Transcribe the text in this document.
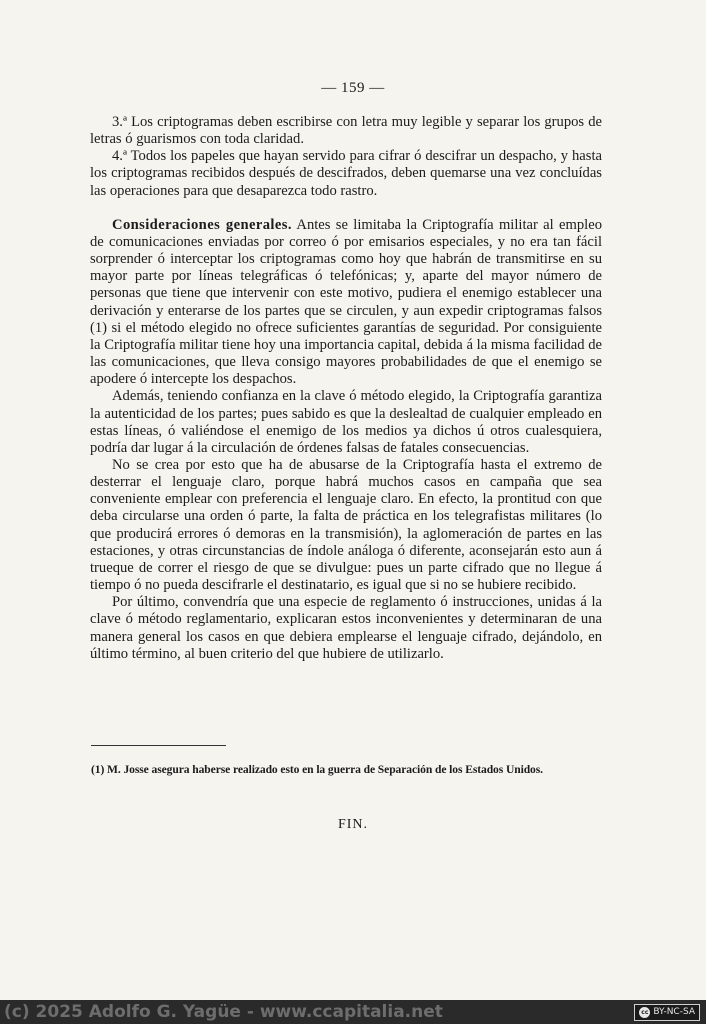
— 159 —

3.ª Los criptogramas deben escribirse con letra muy legible y separar los grupos de letras ó guarismos con toda claridad.

4.ª Todos los papeles que hayan servido para cifrar ó descifrar un despacho, y hasta los criptogramas recibidos después de descifrados, deben quemarse una vez concluídas las operaciones para que desaparezca todo rastro.

Consideraciones generales. Antes se limitaba la Criptografía militar al empleo de comunicaciones enviadas por correo ó por emisarios especiales, y no era tan fácil sorprender ó interceptar los criptogramas como hoy que habrán de transmitirse en su mayor parte por líneas telegráficas ó telefónicas; y, aparte del mayor número de personas que tiene que intervenir con este motivo, pudiera el enemigo establecer una derivación y enterarse de los partes que se circulen, y aun expedir criptogramas falsos (1) si el método elegido no ofrece suficientes garantías de seguridad. Por consiguiente la Criptografía militar tiene hoy una importancia capital, debida á la misma facilidad de las comunicaciones, que lleva consigo mayores probabilidades de que el enemigo se apodere ó intercepte los despachos.

Además, teniendo confianza en la clave ó método elegido, la Criptografía garantiza la autenticidad de los partes; pues sabido es que la deslealtad de cualquier empleado en estas líneas, ó valiéndose el enemigo de los medios ya dichos ú otros cualesquiera, podría dar lugar á la circulación de órdenes falsas de fatales consecuencias.

No se crea por esto que ha de abusarse de la Criptografía hasta el extremo de desterrar el lenguaje claro, porque habrá muchos casos en campaña que sea conveniente emplear con preferencia el lenguaje claro. En efecto, la prontitud con que deba circularse una orden ó parte, la falta de práctica en los telegrafistas militares (lo que producirá errores ó demoras en la transmisión), la aglomeración de partes en las estaciones, y otras circunstancias de índole análoga ó diferente, aconsejarán esto aun á trueque de correr el riesgo de que se divulgue: pues un parte cifrado que no llegue á tiempo ó no pueda descifrarle el destinatario, es igual que si no se hubiere recibido.

Por último, convendría que una especie de reglamento ó instrucciones, unidas á la clave ó método reglamentario, explicaran estos inconvenientes y determinaran de una manera general los casos en que debiera emplearse el lenguaje cifrado, dejándolo, en último término, al buen criterio del que hubiere de utilizarlo.

(1) M. Josse asegura haberse realizado esto en la guerra de Separación de los Estados Unidos.
FIN.
(c) 2025 Adolfo G. Yagüe - www.ccapitalia.net	cc BY-NC-SA
